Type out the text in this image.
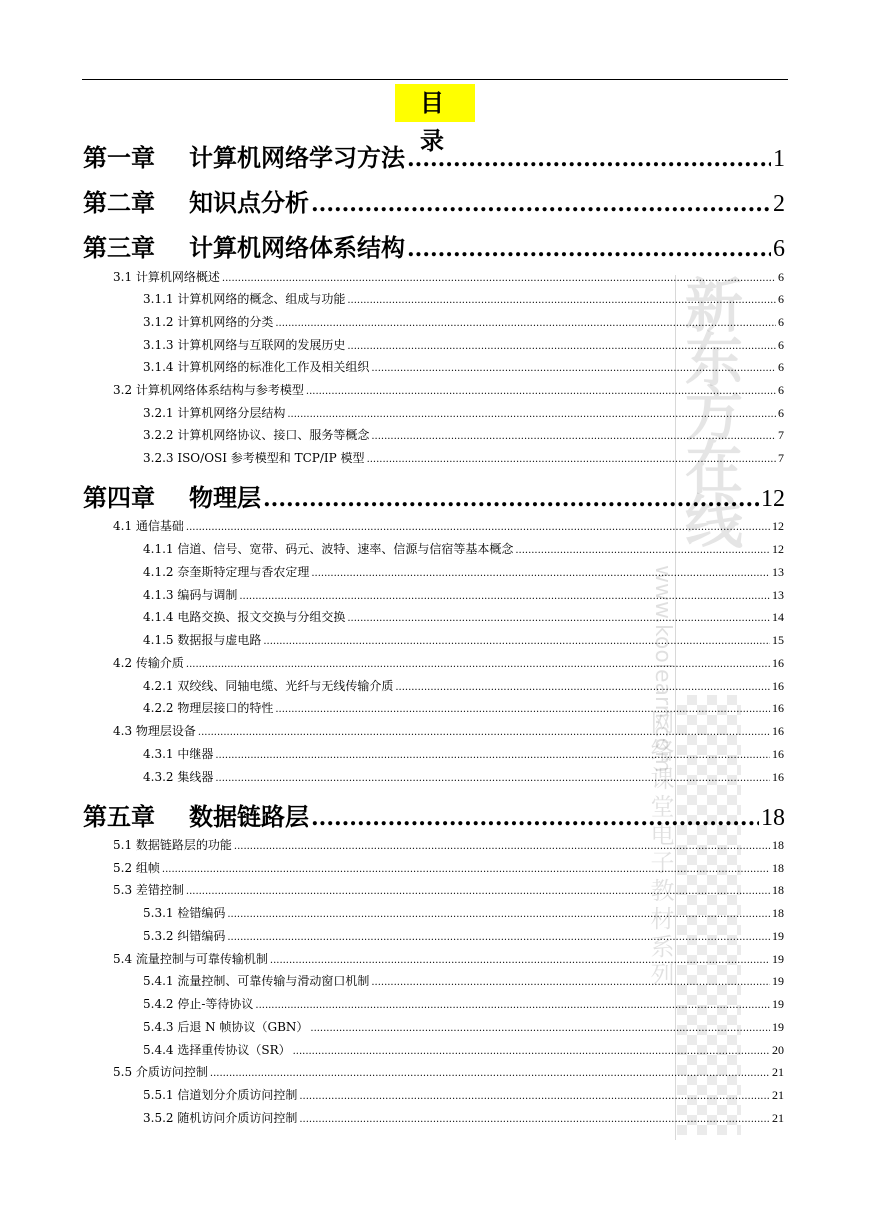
目 录
新东方在线
www.koolearn.com
网络课堂电子教材系列
第一章 计算机网络学习方法 .....	1
第二章 知识点分析 .....	2
第三章 计算机网络体系结构 .....	6
3.1 计算机网络概述 .....	6
3.1.1 计算机网络的概念、组成与功能 .....	6
3.1.2 计算机网络的分类 .....	6
3.1.3 计算机网络与互联网的发展历史 .....	6
3.1.4 计算机网络的标准化工作及相关组织 .....	6
3.2 计算机网络体系结构与参考模型 .....	6
3.2.1 计算机网络分层结构 .....	6
3.2.2 计算机网络协议、接口、服务等概念 .....	7
3.2.3 ISO/OSI 参考模型和 TCP/IP 模型 .....	7
第四章 物理层 .....	12
4.1 通信基础 .....	12
4.1.1 信道、信号、宽带、码元、波特、速率、信源与信宿等基本概念 .....	12
4.1.2 奈奎斯特定理与香农定理 .....	13
4.1.3 编码与调制 .....	13
4.1.4 电路交换、报文交换与分组交换 .....	14
4.1.5 数据报与虚电路 .....	15
4.2 传输介质 .....	16
4.2.1 双绞线、同轴电缆、光纤与无线传输介质 .....	16
4.2.2 物理层接口的特性 .....	16
4.3 物理层设备 .....	16
4.3.1 中继器 .....	16
4.3.2 集线器 .....	16
第五章 数据链路层 .....	18
5.1 数据链路层的功能 .....	18
5.2 组帧 .....	18
5.3 差错控制 .....	18
5.3.1 检错编码 .....	18
5.3.2 纠错编码 .....	19
5.4 流量控制与可靠传输机制 .....	19
5.4.1 流量控制、可靠传输与滑动窗口机制 .....	19
5.4.2 停止-等待协议 .....	19
5.4.3 后退 N 帧协议（GBN） .....	19
5.4.4 选择重传协议（SR） .....	20
5.5 介质访问控制 .....	21
5.5.1 信道划分介质访问控制 .....	21
3.5.2 随机访问介质访问控制 .....	21
